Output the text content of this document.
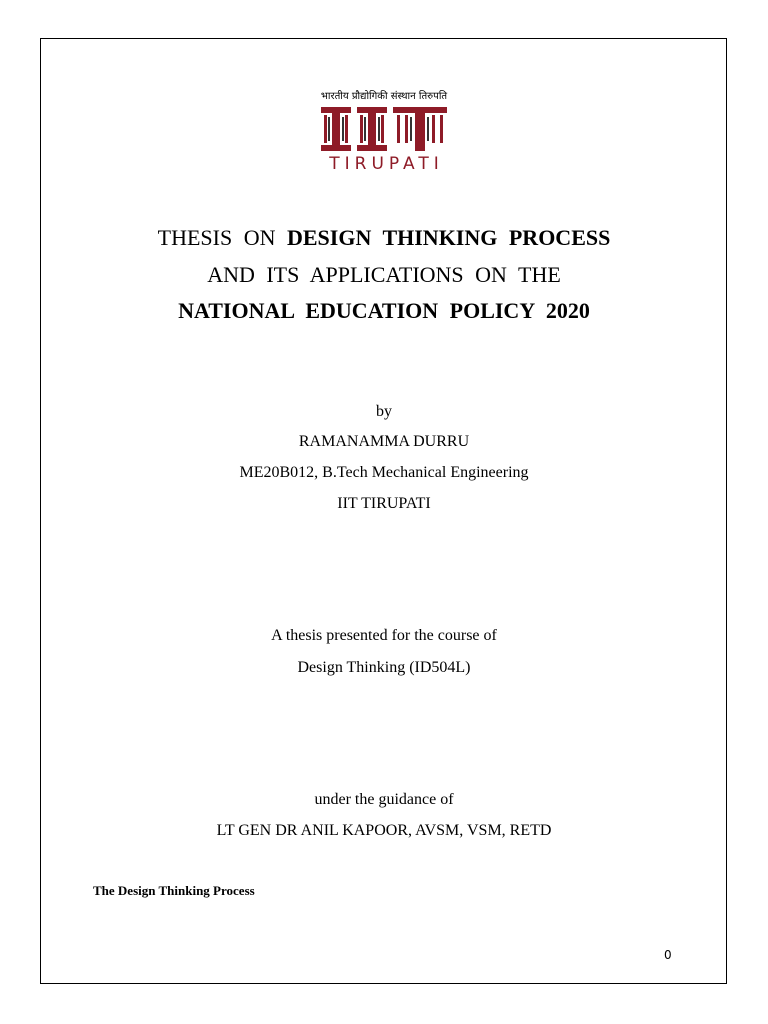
भारतीय प्रौद्योगिकी संस्थान तिरुपति
TIRUPATI
THESIS ON DESIGN THINKING PROCESS
AND ITS APPLICATIONS ON THE
NATIONAL EDUCATION POLICY 2020
by
RAMANAMMA DURRU
ME20B012, B.Tech Mechanical Engineering
IIT TIRUPATI
A thesis presented for the course of
Design Thinking (ID504L)
under the guidance of
LT GEN DR ANIL KAPOOR, AVSM, VSM, RETD
The Design Thinking Process
0
